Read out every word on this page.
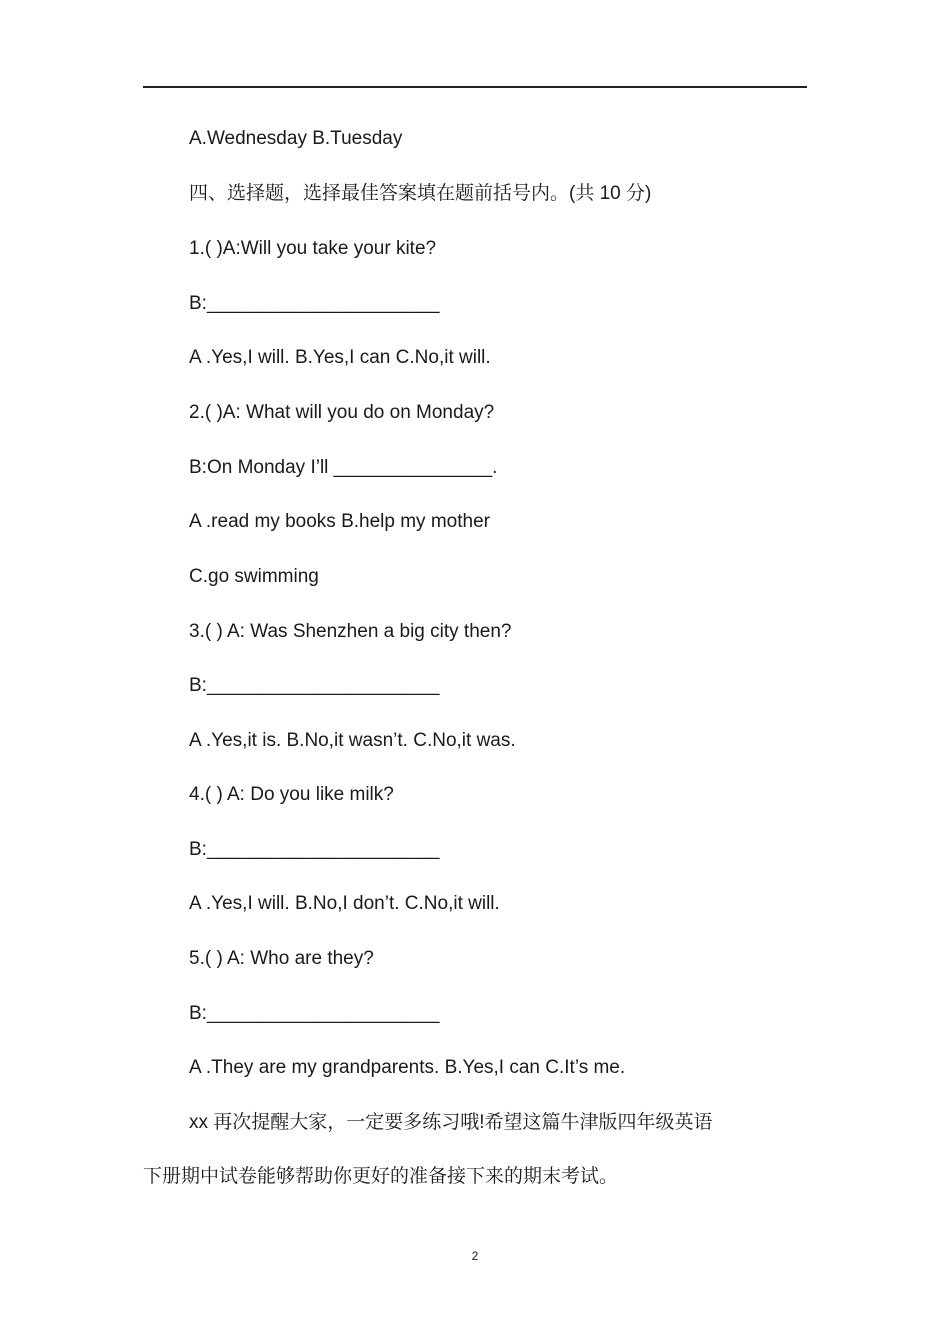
A.Wednesday B.Tuesday
四、选择题，选择最佳答案填在题前括号内。(共 10 分)
1.( )A:Will you take your kite?
B:______________________
A .Yes,I will. B.Yes,I can C.No,it will.
2.( )A: What will you do on Monday?
B:On Monday I’ll _______________.
A .read my books B.help my mother
C.go swimming
3.( ) A: Was Shenzhen a big city then?
B:______________________
A .Yes,it is. B.No,it wasn’t. C.No,it was.
4.( ) A: Do you like milk?
B:______________________
A .Yes,I will. B.No,I don’t. C.No,it will.
5.( ) A: Who are they?
B:______________________
A .They are my grandparents. B.Yes,I can C.It’s me.
xx 再次提醒大家，一定要多练习哦!希望这篇牛津版四年级英语
下册期中试卷能够帮助你更好的准备接下来的期末考试。
2
